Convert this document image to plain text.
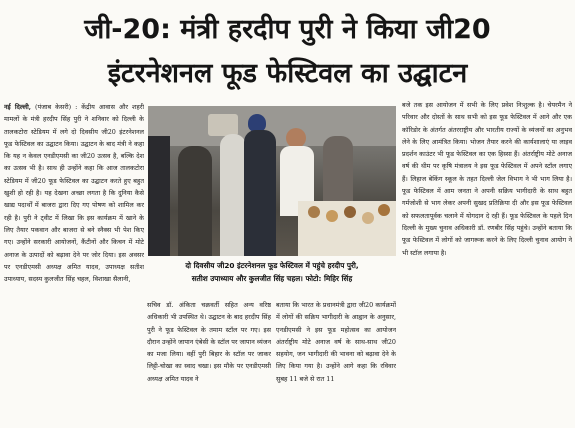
जी-20: मंत्री हरदीप पुरी ने किया जी20
इंटरनेशनल फूड फेस्टिवल का उद्घाटन
नई दिल्ली, (पंजाब केसरी) : केंद्रीय आवास और शहरी मामलों के मंत्री हरदीप सिंह पुरी ने शनिवार को दिल्ली के तालकटोरा स्टेडियम में लगे दो दिवसीय जी20 इंटरनेशनल फूड फेस्टिवल का उद्घाटन किया। उद्घाटन के बाद मंत्री ने कहा कि यह न केवल एनडीएमसी का जी20 उत्सव है, बल्कि देश का उत्सव भी है। साथ ही उन्होंने कहा कि आज तालकटोरा स्टेडियम में जी20 फूड फेस्टिवल का उद्घाटन करते हुए बहुत खुशी हो रही है। यह देखना अच्छा लगता है कि दुनिया कैसे खाद्य पदार्थों में बाजरा द्वारा दिए गए पोषण को शामिल कर रही है। पुरी ने ट्वीट में लिखा कि इस कार्यक्रम में खाने के लिए तैयार पकवान और बाजरा से बने स्नैक्स भी पेश किए गए। उन्होंने सरकारी आयोजनों, कैंटीनों और किचन में मोटे अनाज के उत्पादों को बढ़ावा देने पर जोर दिया। इस अवसर पर एनडीएमसी अध्यक्ष अमित यादव, उपाध्यक्ष सतीश उपाध्याय, सदस्य कुलजीत सिंह चहल, विशाखा सैलानी,
दो दिवसीय जी20 इंटरनेशनल फूड फेस्टिवल में पहुंचे हरदीप पुरी,
सतीश उपाध्याय और कुलजीत सिंह चहल। फोटो: मिहिर सिंह
सचिव डॉ. अंकिता चक्रवर्ती सहित अन्य वरिष्ठ अधिकारी भी उपस्थित थे। उद्घाटन के बाद हरदीप सिंह पुरी ने फूड फेस्टिवल के तमाम स्टॉल पर गए। इस दौरान उन्होंने जापान एंबेसी के स्टॉल पर जापान व्यंजन का मजा लिया। वहीं पुरी बिहार के स्टॉल पर जाकर लिट्टी-चोखा का स्वाद चखा। इस मौके पर एनडीएमसी अध्यक्ष अमित यादव ने
बताया कि भारत के प्रधानमंत्री द्वारा जी20 कार्यक्रमों में लोगों की सक्रिय भागीदारी के आह्वान के अनुसार, एनडीएमसी ने इस फूड महोत्सव का आयोजन अंतर्राष्ट्रीय मोटे अनाज वर्ष के साथ-साथ जी20 सहयोग, जन भागीदारी की भावना को बढ़ावा देने के लिए किया गया है। उन्होंने आगे कहा कि रविवार सुबह 11 बजे से रात 11
बजे तक इस आयोजन में सभी के लिए प्रवेश निःशुल्क है। चेयरमैन ने परिवार और दोस्तों के साथ सभी को इस फूड फेस्टिवल में आने और एक कॉरिडोर के अंतर्गत अंतरराष्ट्रीय और भारतीय राज्यों के व्यंजनों का अनुभव लेने के लिए आमंत्रित किया। भोजन तैयार करने की कार्यशालाएं या लाइव प्रदर्शन काउंटर भी फूड फेस्टिवल का एक हिस्सा हैं। अंतर्राष्ट्रीय मोटे अनाज वर्ष की थीम पर कृषि मंत्रालय ने इस फूड फेस्टिवल में अपने स्टॉल लगाए हैं। लिहाज बेकिंग स्कूल के तहत दिल्ली जेल विभाग ने भी भाग लिया है। फूड फेस्टिवल में आम जनता ने अपनी सक्रिय भागीदारी के साथ बहुत गर्मजोशी से भाग लेकर अपनी सुखद प्रतिक्रिया दी और इस फूड फेस्टिवल को सफलतापूर्वक चलाने में योगदान दे रही हैं। फूड फेस्टिवल के पहले दिन दिल्ली के मुख्य चुनाव अधिकारी डॉ. रणबीर सिंह पहुंचे। उन्होंने बताया कि फूड फेस्टिवल में लोगों को जागरूक करने के लिए दिल्ली चुनाव आयोग ने भी स्टॉल लगाया है।
